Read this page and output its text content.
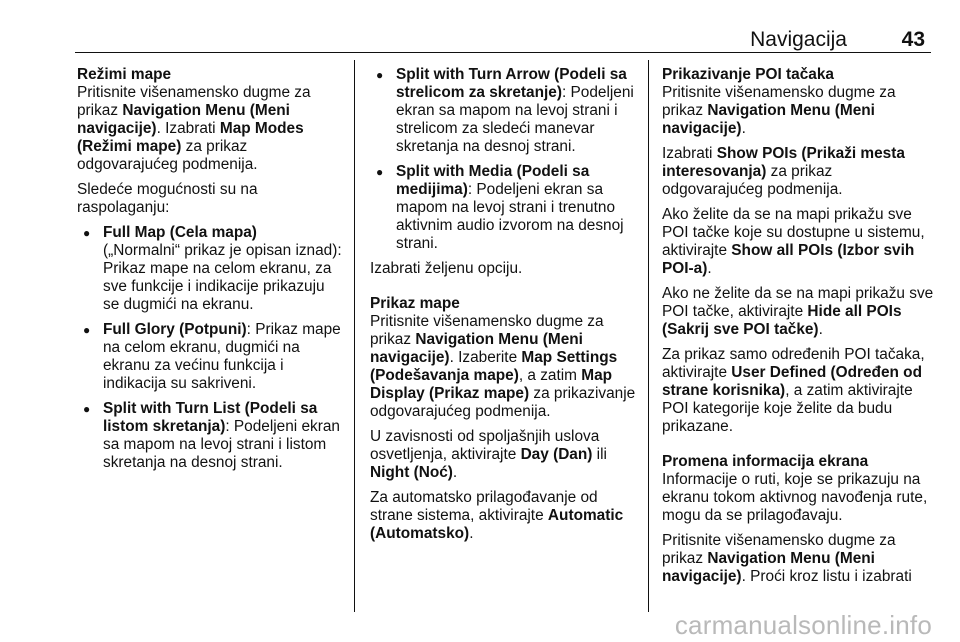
Navigacija	43
Režimi mape

Pritisnite višenamensko dugme za prikaz Navigation Menu (Meni navigacije). Izabrati Map Modes (Režimi mape) za prikaz odgovarajućeg podmenija.

Sledeće mogućnosti su na raspolaganju:

● Full Map (Cela mapa)
(„Normalni“ prikaz je opisan iznad): Prikaz mape na celom ekranu, za sve funkcije i indikacije prikazuju se dugmići na ekranu.
● Full Glory (Potpuni): Prikaz mape na celom ekranu, dugmići na ekranu za većinu funkcija i indikacija su sakriveni.
● Split with Turn List (Podeli sa listom skretanja): Podeljeni ekran sa mapom na levoj strani i listom skretanja na desnoj strani.
● Split with Turn Arrow (Podeli sa strelicom za skretanje): Podeljeni ekran sa mapom na levoj strani i strelicom za sledeći manevar skretanja na desnoj strani.
● Split with Media (Podeli sa medijima): Podeljeni ekran sa mapom na levoj strani i trenutno aktivnim audio izvorom na desnoj strani.

Izabrati željenu opciju.

Prikaz mape

Pritisnite višenamensko dugme za prikaz Navigation Menu (Meni navigacije). Izaberite Map Settings (Podešavanja mape), a zatim Map Display (Prikaz mape) za prikazivanje odgovarajućeg podmenija.

U zavisnosti od spoljašnjih uslova osvetljenja, aktivirajte Day (Dan) ili Night (Noć).

Za automatsko prilagođavanje od strane sistema, aktivirajte Automatic (Automatsko).

Prikazivanje POI tačaka

Pritisnite višenamensko dugme za prikaz Navigation Menu (Meni navigacije).

Izabrati Show POIs (Prikaži mesta interesovanja) za prikaz odgovarajućeg podmenija.

Ako želite da se na mapi prikažu sve POI tačke koje su dostupne u sistemu, aktivirajte Show all POIs (Izbor svih POI-a).

Ako ne želite da se na mapi prikažu sve POI tačke, aktivirajte Hide all POIs (Sakrij sve POI tačke).

Za prikaz samo određenih POI tačaka, aktivirajte User Defined (Određen od strane korisnika), a zatim aktivirajte POI kategorije koje želite da budu prikazane.

Promena informacija ekrana

Informacije o ruti, koje se prikazuju na ekranu tokom aktivnog navođenja rute, mogu da se prilagođavaju.

Pritisnite višenamensko dugme za prikaz Navigation Menu (Meni navigacije). Proći kroz listu i izabrati

carmanualsonline.info
